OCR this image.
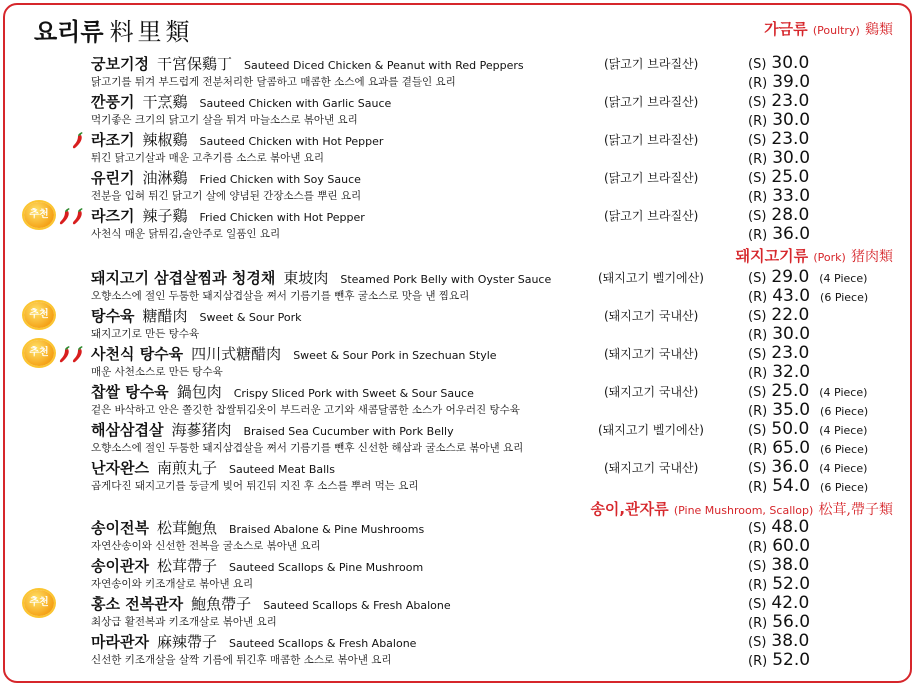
요리류 料里類	가금류 (Poultry) 鷄類
궁보기정 干宮保鷄丁 Sauteed Diced Chicken & Peanut with Red Peppers
닭고기를 튀겨 부드럽게 전분처리한 달콤하고 매콤한 소스에 요과를 곁들인 요리
(닭고기 브라질산)	(S) 30.0
(R) 39.0
깐풍기 干烹鷄 Sauteed Chicken with Garlic Sauce
먹기좋은 크기의 닭고기 살을 튀겨 마늘소스로 볶아낸 요리
(닭고기 브라질산)	(S) 23.0
(R) 30.0
라조기 辣椒鷄 Sauteed Chicken with Hot Pepper
튀긴 닭고기살과 매운 고추기름 소스로 볶아낸 요리
(닭고기 브라질산)	(S) 23.0
(R) 30.0
유린기 油淋鷄 Fried Chicken with Soy Sauce
전분을 입혀 튀긴 닭고기 살에 양념된 간장소스를 뿌린 요리
(닭고기 브라질산)	(S) 25.0
(R) 33.0
라즈기 辣子鷄 Fried Chicken with Hot Pepper
사천식 매운 닭튀김,술안주로 일품인 요리
(닭고기 브라질산)	(S) 28.0
(R) 36.0
추천
돼지고기류 (Pork) 猪肉類
돼지고기 삼겹살찜과 청경채 東坡肉 Steamed Pork Belly with Oyster Sauce
오향소스에 절인 두툼한 돼지삼겹살을 쪄서 기름기를 뺀후 굴소스로 맛을 낸 찜요리
(돼지고기 벨기에산)	(S) 29.0 (4 Piece)
(R) 43.0 (6 Piece)
탕수육 糖醋肉 Sweet & Sour Pork
돼지고기로 만든 탕수육
(돼지고기 국내산)	(S) 22.0
(R) 30.0
추천
사천식 탕수육 四川式糖醋肉 Sweet & Sour Pork in Szechuan Style
매운 사천소스로 만든 탕수육
(돼지고기 국내산)	(S) 23.0
(R) 32.0
추천
찹쌀 탕수육 鍋包肉 Crispy Sliced Pork with Sweet & Sour Sauce
겉은 바삭하고 안은 쫄깃한 찹쌀튀김옷이 부드러운 고기와 새콤달콤한 소스가 어우러진 탕수육
(돼지고기 국내산)	(S) 25.0 (4 Piece)
(R) 35.0 (6 Piece)
해삼삼겹살 海蔘猪肉 Braised Sea Cucumber with Pork Belly
오향소스에 절인 두툼한 돼지삼겹살을 쪄서 기름기를 뺀후 신선한 해삼과 굴소스로 볶아낸 요리
(돼지고기 벨기에산)	(S) 50.0 (4 Piece)
(R) 65.0 (6 Piece)
난자완스 南煎丸子 Sauteed Meat Balls
곱게다진 돼지고기를 둥글게 빚어 튀긴뒤 지진 후 소스를 뿌려 먹는 요리
(돼지고기 국내산)	(S) 36.0 (4 Piece)
(R) 54.0 (6 Piece)
송이,관자류 (Pine Mushroom, Scallop) 松茸,帶子類
송이전복 松茸鮑魚 Braised Abalone & Pine Mushrooms
자연산송이와 신선한 전복을 굴소스로 볶아낸 요리
(S) 48.0
(R) 60.0
송이관자 松茸帶子 Sauteed Scallops & Pine Mushroom
자연송이와 키조개살로 볶아낸 요리
(S) 38.0
(R) 52.0
홍소 전복관자 鮑魚帶子 Sauteed Scallops & Fresh Abalone
최상급 활전복과 키조개살로 볶아낸 요리
(S) 42.0
(R) 56.0
추천
마라관자 麻辣帶子 Sauteed Scallops & Fresh Abalone
신선한 키조개살을 살짝 기름에 튀긴후 매콤한 소스로 볶아낸 요리
(S) 38.0
(R) 52.0
